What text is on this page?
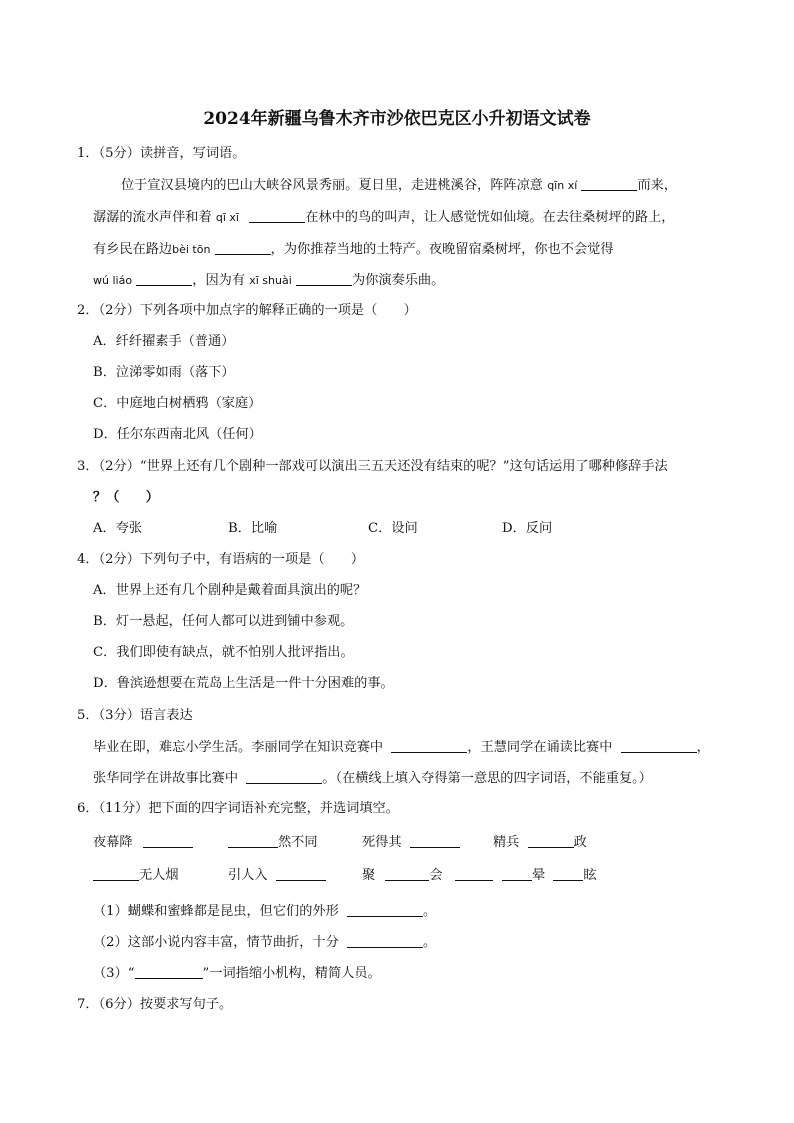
2024年新疆乌鲁木齐市沙依巴克区小升初语文试卷
1．（5分）读拼音，写词语。
位于宣汉县境内的巴山大峡谷风景秀丽。夏日里，走进桃溪谷，阵阵凉意 qīn xí	而来，
潺潺的流水声伴和着 qī xī	在林中的鸟的叫声，让人感觉恍如仙境。在去往桑树坪的路上，
有乡民在路边bèi tōn	，为你推荐当地的土特产。夜晚留宿桑树坪，你也不会觉得
wú liáo	，因为有 xī shuài	为你演奏乐曲。
2．（2分）下列各项中加点字的解释正确的一项是（　　）
A．纤纤擢素手（普通）
B．泣涕零如雨（落下）
C．中庭地白树栖鸦（家庭）
D．任尔东西南北风（任何）
3．（2分）“世界上还有几个剧种一部戏可以演出三五天还没有结束的呢？”这句话运用了哪种修辞手法
？（　　）
A．夸张	B．比喻	C．设问	D．反问
4．（2分）下列句子中，有语病的一项是（　　）
A．世界上还有几个剧种是戴着面具演出的呢？
B．灯一悬起，任何人都可以进到铺中参观。
C．我们即使有缺点，就不怕别人批评指出。
D．鲁滨逊想要在荒岛上生活是一件十分困难的事。
5．（3分）语言表达
毕业在即，难忘小学生活。李丽同学在知识竞赛中	，王慧同学在诵读比赛中	，
张华同学在讲故事比赛中	。（在横线上填入夺得第一意思的四字词语，不能重复。）
6．（11分）把下面的四字词语补充完整，并选词填空。
夜幕降	然不同	死得其	精兵	政
无人烟	引人入	聚	会	晕	眩
（1）蝴蝶和蜜蜂都是昆虫，但它们的外形	。
（2）这部小说内容丰富，情节曲折，十分	。
（3）“	”一词指缩小机构，精简人员。
7．（6分）按要求写句子。
